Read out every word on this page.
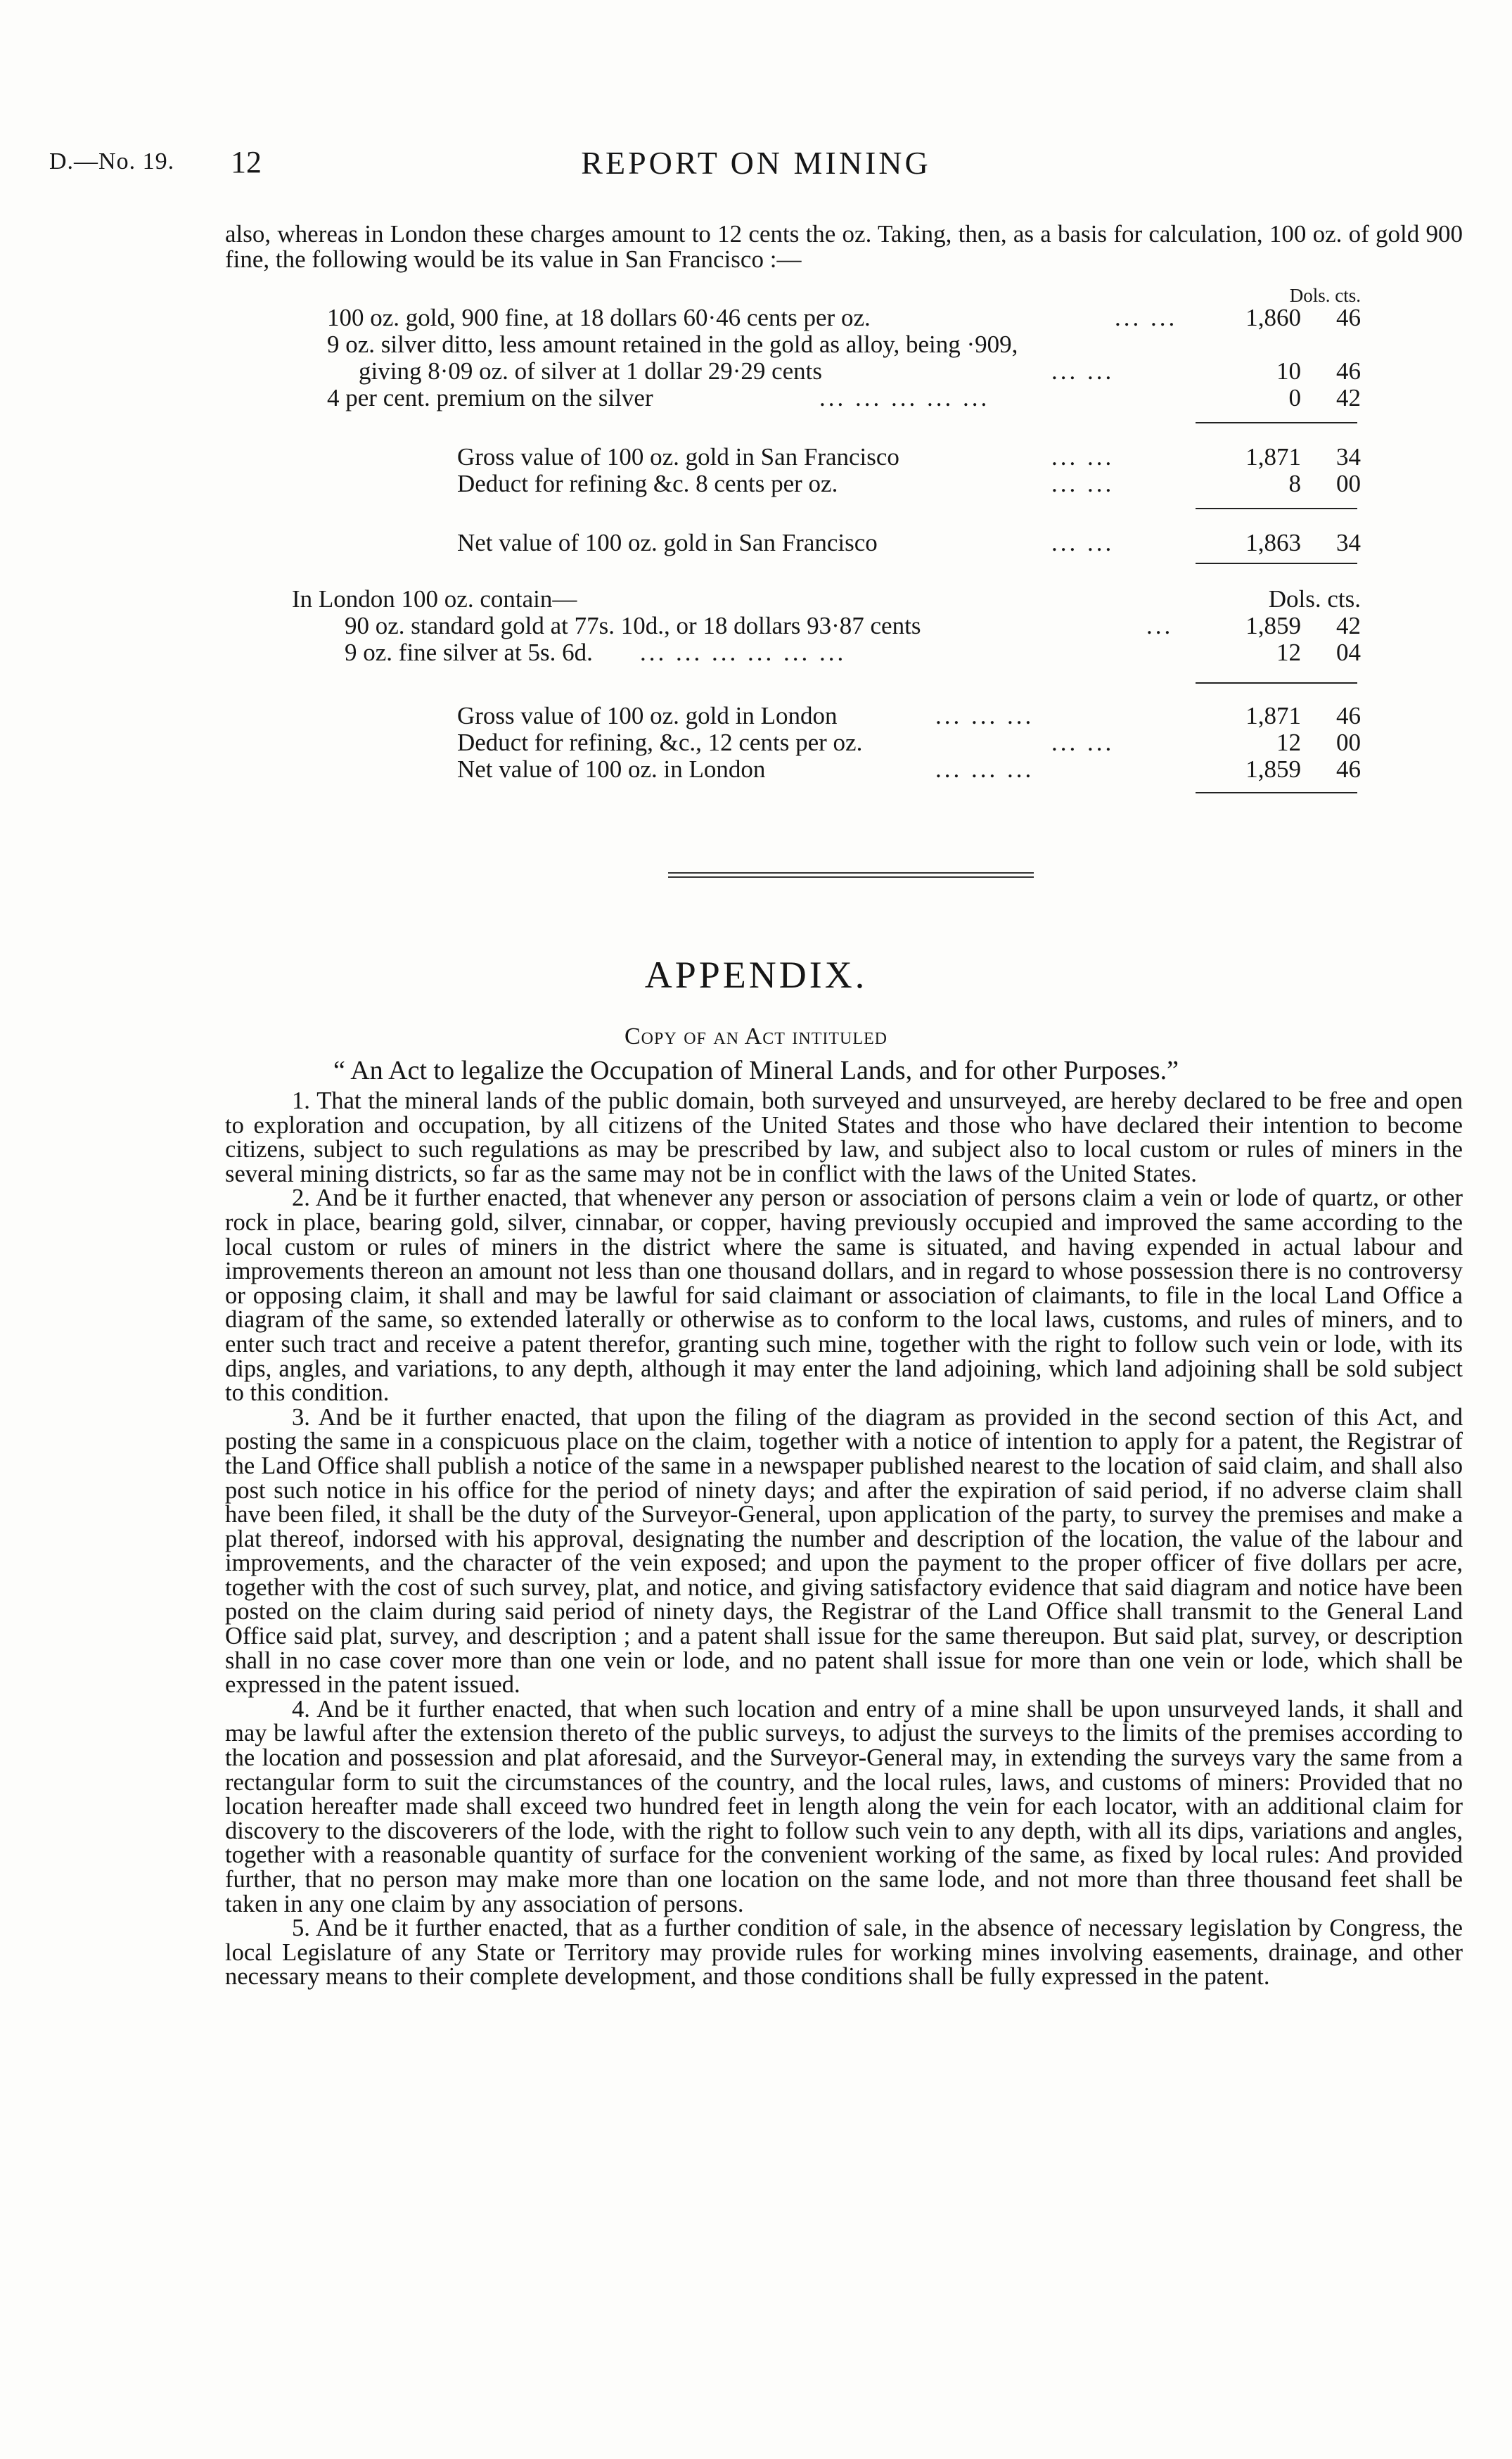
D.—No. 19. 12	REPORT ON MINING
also, whereas in London these charges amount to 12 cents the oz. Taking, then, as a basis for calculation, 100 oz. of gold 900 fine, the following would be its value in San Francisco :—
Dols. cts.
100 oz. gold, 900 fine, at 18 dollars 60·46 cents per oz.	... ...	1,860	46
9 oz. silver ditto, less amount retained in the gold as alloy, being ·909,
giving 8·09 oz. of silver at 1 dollar 29·29 cents	... ...	10	46
4 per cent. premium on the silver	... ... ... ... ...	0	42
Gross value of 100 oz. gold in San Francisco	... ...	1,871	34
Deduct for refining &c. 8 cents per oz.	... ...	8	00
Net value of 100 oz. gold in San Francisco	... ...	1,863	34
In London 100 oz. contain—	Dols. cts.
90 oz. standard gold at 77s. 10d., or 18 dollars 93·87 cents	...	1,859	42
9 oz. fine silver at 5s. 6d. ... ... ... ... ... ...	12	04
Gross value of 100 oz. gold in London	... ... ...	1,871	46
Deduct for refining, &c., 12 cents per oz.	... ...	12	00
Net value of 100 oz. in London	... ... ...	1,859	46
APPENDIX.
Copy of an Act intituled
“ An Act to legalize the Occupation of Mineral Lands, and for other Purposes.”

1. That the mineral lands of the public domain, both surveyed and unsurveyed, are hereby declared to be free and open to exploration and occupation, by all citizens of the United States and those who have declared their intention to become citizens, subject to such regulations as may be prescribed by law, and subject also to local custom or rules of miners in the several mining districts, so far as the same may not be in conflict with the laws of the United States.

2. And be it further enacted, that whenever any person or association of persons claim a vein or lode of quartz, or other rock in place, bearing gold, silver, cinnabar, or copper, having previously occupied and improved the same according to the local custom or rules of miners in the district where the same is situated, and having expended in actual labour and improvements thereon an amount not less than one thousand dollars, and in regard to whose possession there is no controversy or opposing claim, it shall and may be lawful for said claimant or association of claimants, to file in the local Land Office a diagram of the same, so extended laterally or otherwise as to conform to the local laws, customs, and rules of miners, and to enter such tract and receive a patent therefor, granting such mine, together with the right to follow such vein or lode, with its dips, angles, and variations, to any depth, although it may enter the land adjoining, which land adjoining shall be sold subject to this condition.

3. And be it further enacted, that upon the filing of the diagram as provided in the second section of this Act, and posting the same in a conspicuous place on the claim, together with a notice of intention to apply for a patent, the Registrar of the Land Office shall publish a notice of the same in a newspaper published nearest to the location of said claim, and shall also post such notice in his office for the period of ninety days; and after the expiration of said period, if no adverse claim shall have been filed, it shall be the duty of the Surveyor-General, upon application of the party, to survey the premises and make a plat thereof, indorsed with his approval, designating the number and description of the location, the value of the labour and improvements, and the character of the vein exposed; and upon the payment to the proper officer of five dollars per acre, together with the cost of such survey, plat, and notice, and giving satisfactory evidence that said diagram and notice have been posted on the claim during said period of ninety days, the Registrar of the Land Office shall transmit to the General Land Office said plat, survey, and description ; and a patent shall issue for the same thereupon. But said plat, survey, or description shall in no case cover more than one vein or lode, and no patent shall issue for more than one vein or lode, which shall be expressed in the patent issued.

4. And be it further enacted, that when such location and entry of a mine shall be upon unsurveyed lands, it shall and may be lawful after the extension thereto of the public surveys, to adjust the surveys to the limits of the premises according to the location and possession and plat aforesaid, and the Surveyor-General may, in extending the surveys vary the same from a rectangular form to suit the circumstances of the country, and the local rules, laws, and customs of miners: Provided that no location hereafter made shall exceed two hundred feet in length along the vein for each locator, with an additional claim for discovery to the discoverers of the lode, with the right to follow such vein to any depth, with all its dips, variations and angles, together with a reasonable quantity of surface for the convenient working of the same, as fixed by local rules: And provided further, that no person may make more than one location on the same lode, and not more than three thousand feet shall be taken in any one claim by any association of persons.

5. And be it further enacted, that as a further condition of sale, in the absence of necessary legislation by Congress, the local Legislature of any State or Territory may provide rules for working mines involving easements, drainage, and other necessary means to their complete development, and those conditions shall be fully expressed in the patent.
